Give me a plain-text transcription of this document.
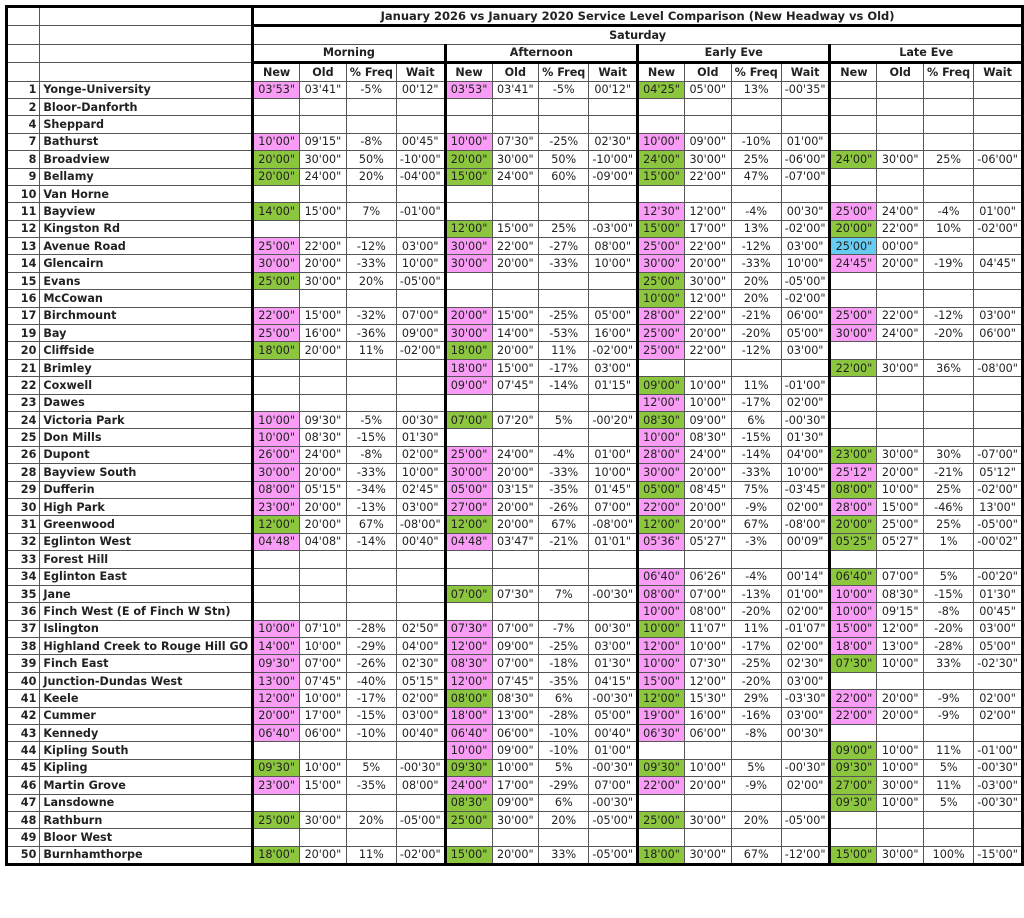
		January 2026 vs January 2020 Service Level Comparison (New Headway vs Old)															
		Saturday															
		Morning				Afternoon				Early Eve				Late Eve			
		New	Old	% Freq	Wait	New	Old	% Freq	Wait	New	Old	% Freq	Wait	New	Old	% Freq	Wait
1	Yonge-University	03'53"	03'41"	-5%	00'12"	03'53"	03'41"	-5%	00'12"	04'25"	05'00"	13%	-00'35"				
2	Bloor-Danforth																
4	Sheppard																
7	Bathurst	10'00"	09'15"	-8%	00'45"	10'00"	07'30"	-25%	02'30"	10'00"	09'00"	-10%	01'00"				
8	Broadview	20'00"	30'00"	50%	-10'00"	20'00"	30'00"	50%	-10'00"	24'00"	30'00"	25%	-06'00"	24'00"	30'00"	25%	-06'00"
9	Bellamy	20'00"	24'00"	20%	-04'00"	15'00"	24'00"	60%	-09'00"	15'00"	22'00"	47%	-07'00"				
10	Van Horne																
11	Bayview	14'00"	15'00"	7%	-01'00"					12'30"	12'00"	-4%	00'30"	25'00"	24'00"	-4%	01'00"
12	Kingston Rd					12'00"	15'00"	25%	-03'00"	15'00"	17'00"	13%	-02'00"	20'00"	22'00"	10%	-02'00"
13	Avenue Road	25'00"	22'00"	-12%	03'00"	30'00"	22'00"	-27%	08'00"	25'00"	22'00"	-12%	03'00"	25'00"	00'00"		
14	Glencairn	30'00"	20'00"	-33%	10'00"	30'00"	20'00"	-33%	10'00"	30'00"	20'00"	-33%	10'00"	24'45"	20'00"	-19%	04'45"
15	Evans	25'00"	30'00"	20%	-05'00"					25'00"	30'00"	20%	-05'00"				
16	McCowan									10'00"	12'00"	20%	-02'00"				
17	Birchmount	22'00"	15'00"	-32%	07'00"	20'00"	15'00"	-25%	05'00"	28'00"	22'00"	-21%	06'00"	25'00"	22'00"	-12%	03'00"
19	Bay	25'00"	16'00"	-36%	09'00"	30'00"	14'00"	-53%	16'00"	25'00"	20'00"	-20%	05'00"	30'00"	24'00"	-20%	06'00"
20	Cliffside	18'00"	20'00"	11%	-02'00"	18'00"	20'00"	11%	-02'00"	25'00"	22'00"	-12%	03'00"				
21	Brimley					18'00"	15'00"	-17%	03'00"					22'00"	30'00"	36%	-08'00"
22	Coxwell					09'00"	07'45"	-14%	01'15"	09'00"	10'00"	11%	-01'00"				
23	Dawes									12'00"	10'00"	-17%	02'00"				
24	Victoria Park	10'00"	09'30"	-5%	00'30"	07'00"	07'20"	5%	-00'20"	08'30"	09'00"	6%	-00'30"				
25	Don Mills	10'00"	08'30"	-15%	01'30"					10'00"	08'30"	-15%	01'30"				
26	Dupont	26'00"	24'00"	-8%	02'00"	25'00"	24'00"	-4%	01'00"	28'00"	24'00"	-14%	04'00"	23'00"	30'00"	30%	-07'00"
28	Bayview South	30'00"	20'00"	-33%	10'00"	30'00"	20'00"	-33%	10'00"	30'00"	20'00"	-33%	10'00"	25'12"	20'00"	-21%	05'12"
29	Dufferin	08'00"	05'15"	-34%	02'45"	05'00"	03'15"	-35%	01'45"	05'00"	08'45"	75%	-03'45"	08'00"	10'00"	25%	-02'00"
30	High Park	23'00"	20'00"	-13%	03'00"	27'00"	20'00"	-26%	07'00"	22'00"	20'00"	-9%	02'00"	28'00"	15'00"	-46%	13'00"
31	Greenwood	12'00"	20'00"	67%	-08'00"	12'00"	20'00"	67%	-08'00"	12'00"	20'00"	67%	-08'00"	20'00"	25'00"	25%	-05'00"
32	Eglinton West	04'48"	04'08"	-14%	00'40"	04'48"	03'47"	-21%	01'01"	05'36"	05'27"	-3%	00'09"	05'25"	05'27"	1%	-00'02"
33	Forest Hill																
34	Eglinton East									06'40"	06'26"	-4%	00'14"	06'40"	07'00"	5%	-00'20"
35	Jane					07'00"	07'30"	7%	-00'30"	08'00"	07'00"	-13%	01'00"	10'00"	08'30"	-15%	01'30"
36	Finch West (E of Finch W Stn)									10'00"	08'00"	-20%	02'00"	10'00"	09'15"	-8%	00'45"
37	Islington	10'00"	07'10"	-28%	02'50"	07'30"	07'00"	-7%	00'30"	10'00"	11'07"	11%	-01'07"	15'00"	12'00"	-20%	03'00"
38	Highland Creek to Rouge Hill GO	14'00"	10'00"	-29%	04'00"	12'00"	09'00"	-25%	03'00"	12'00"	10'00"	-17%	02'00"	18'00"	13'00"	-28%	05'00"
39	Finch East	09'30"	07'00"	-26%	02'30"	08'30"	07'00"	-18%	01'30"	10'00"	07'30"	-25%	02'30"	07'30"	10'00"	33%	-02'30"
40	Junction-Dundas West	13'00"	07'45"	-40%	05'15"	12'00"	07'45"	-35%	04'15"	15'00"	12'00"	-20%	03'00"				
41	Keele	12'00"	10'00"	-17%	02'00"	08'00"	08'30"	6%	-00'30"	12'00"	15'30"	29%	-03'30"	22'00"	20'00"	-9%	02'00"
42	Cummer	20'00"	17'00"	-15%	03'00"	18'00"	13'00"	-28%	05'00"	19'00"	16'00"	-16%	03'00"	22'00"	20'00"	-9%	02'00"
43	Kennedy	06'40"	06'00"	-10%	00'40"	06'40"	06'00"	-10%	00'40"	06'30"	06'00"	-8%	00'30"				
44	Kipling South					10'00"	09'00"	-10%	01'00"					09'00"	10'00"	11%	-01'00"
45	Kipling	09'30"	10'00"	5%	-00'30"	09'30"	10'00"	5%	-00'30"	09'30"	10'00"	5%	-00'30"	09'30"	10'00"	5%	-00'30"
46	Martin Grove	23'00"	15'00"	-35%	08'00"	24'00"	17'00"	-29%	07'00"	22'00"	20'00"	-9%	02'00"	27'00"	30'00"	11%	-03'00"
47	Lansdowne					08'30"	09'00"	6%	-00'30"					09'30"	10'00"	5%	-00'30"
48	Rathburn	25'00"	30'00"	20%	-05'00"	25'00"	30'00"	20%	-05'00"	25'00"	30'00"	20%	-05'00"				
49	Bloor West																
50	Burnhamthorpe	18'00"	20'00"	11%	-02'00"	15'00"	20'00"	33%	-05'00"	18'00"	30'00"	67%	-12'00"	15'00"	30'00"	100%	-15'00"
